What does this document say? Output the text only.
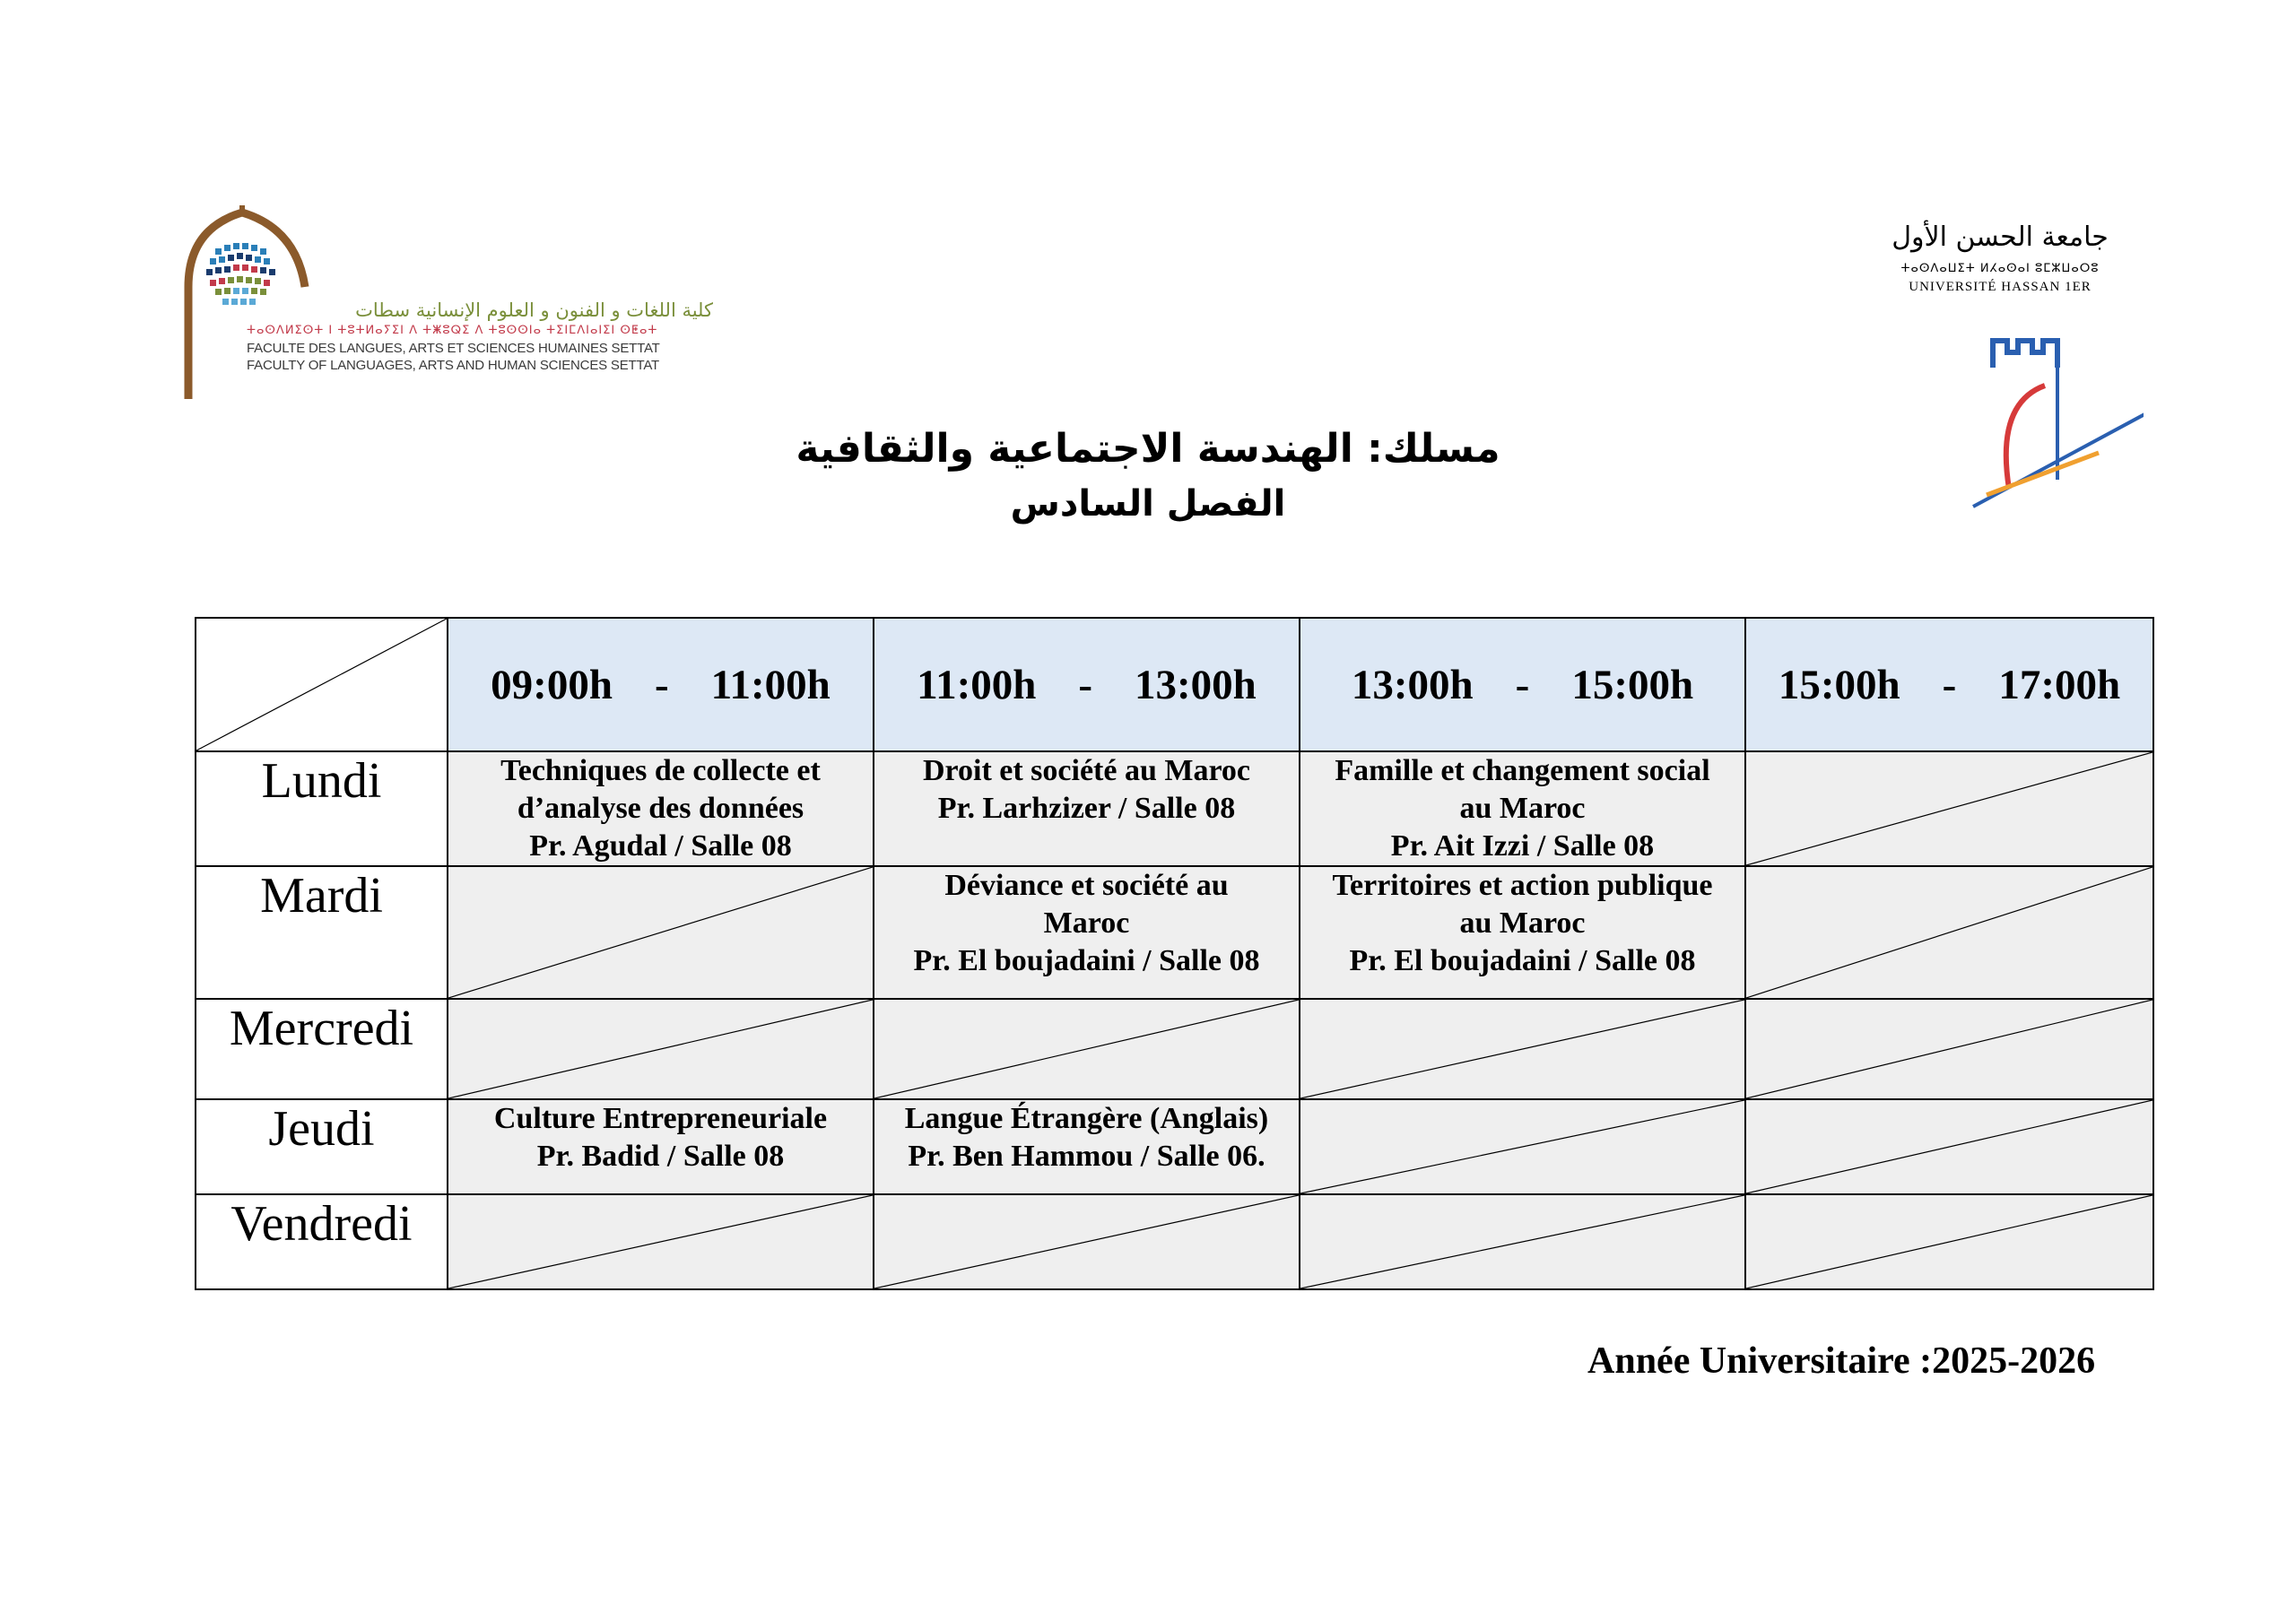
كلية اللغات و الفنون و العلوم الإنسانية سطات
ⵜⴰⵙⴷⵍⵉⵙⵜ ⵏ ⵜⵓⵜⵍⴰⵢⵉⵏ ⴷ ⵜⵥⵓⵕⵉ ⴷ ⵜⵓⵙⵙⵏⴰ ⵜⵉⵏⵎⴷⵏⴰⵏⵉⵏ ⵙⵟⴰⵜ
FACULTE DES LANGUES, ARTS ET SCIENCES HUMAINES SETTAT
FACULTY OF LANGUAGES, ARTS AND HUMAN SCIENCES SETTAT
جامعة الحسن الأول
ⵜⴰⵙⴷⴰⵡⵉⵜ ⵍⵃⴰⵙⴰⵏ ⵓⵎⵣⵡⴰⵔⵓ
UNIVERSITÉ HASSAN 1ER
مسلك: الهندسة الاجتماعية والثقافية
الفصل السادس
	09:00h - 11:00h	11:00h - 13:00h	13:00h - 15:00h	15:00h - 17:00h
Lundi	Techniques de collecte et
d’analyse des données
Pr. Agudal / Salle 08	Droit et société au Maroc
Pr. Larhzizer / Salle 08	Famille et changement social
au Maroc
Pr. Ait Izzi / Salle 08

Mardi		Déviance et société au
Maroc
Pr. El boujadaini / Salle 08	Territoires et action publique
au Maroc
Pr. El boujadaini / Salle 08

Mercredi	

Jeudi	Culture Entrepreneuriale
Pr. Badid / Salle 08	Langue Étrangère (Anglais)
Pr. Ben Hammou / Salle 06.

Vendredi	

Année Universitaire :2025-2026
